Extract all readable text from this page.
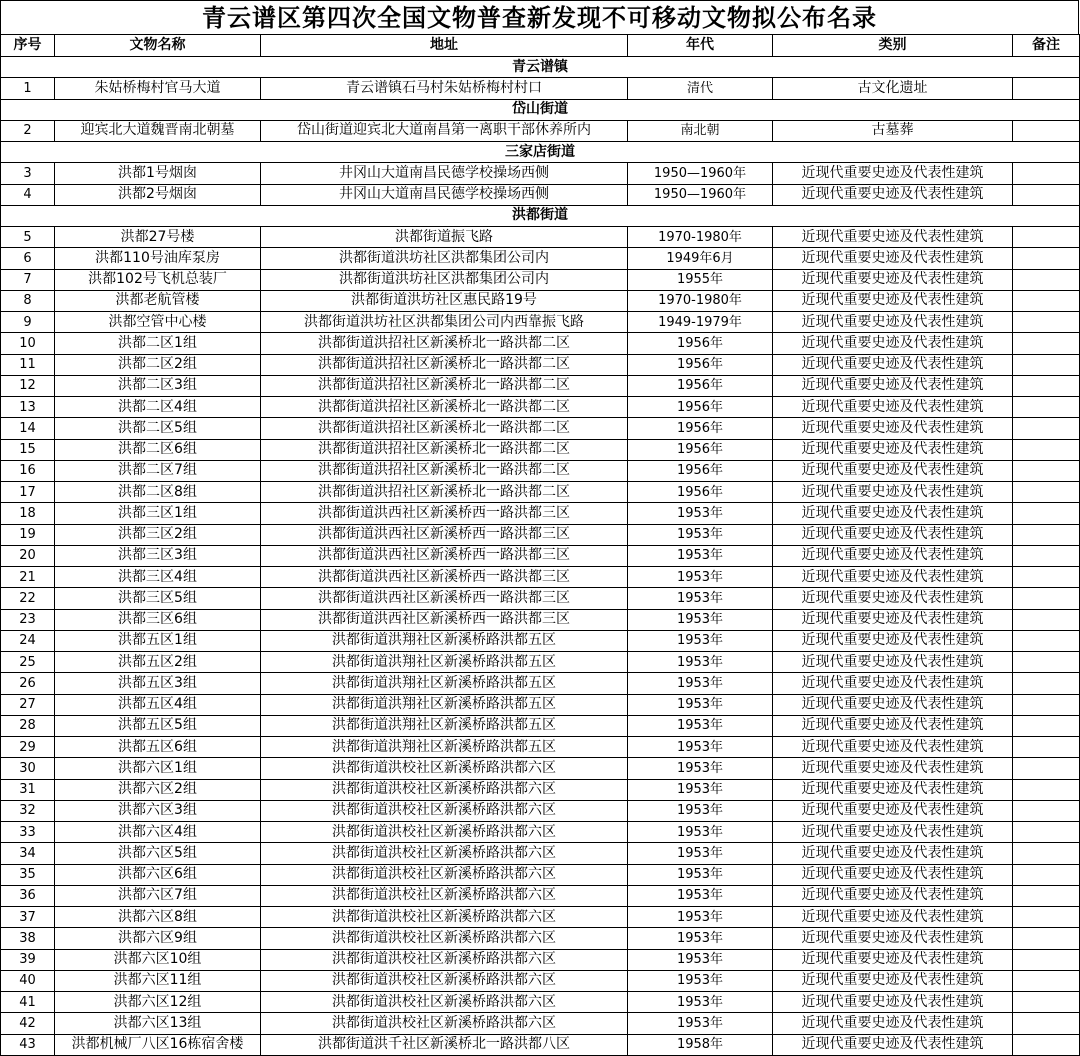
青云谱区第四次全国文物普查新发现不可移动文物拟公布名录
序号	文物名称	地址	年代	类别	备注
青云谱镇					
1	朱姑桥梅村官马大道	青云谱镇石马村朱姑桥梅村村口	清代	古文化遗址	
岱山街道					
2	迎宾北大道魏晋南北朝墓	岱山街道迎宾北大道南昌第一离职干部休养所内	南北朝	古墓葬	
三家店街道					
3	洪都1号烟囱	井冈山大道南昌民德学校操场西侧	1950—1960年	近现代重要史迹及代表性建筑	
4	洪都2号烟囱	井冈山大道南昌民德学校操场西侧	1950—1960年	近现代重要史迹及代表性建筑	
洪都街道					
5	洪都27号楼	洪都街道振飞路	1970-1980年	近现代重要史迹及代表性建筑	
6	洪都110号油库泵房	洪都街道洪坊社区洪都集团公司内	1949年6月	近现代重要史迹及代表性建筑	
7	洪都102号飞机总装厂	洪都街道洪坊社区洪都集团公司内	1955年	近现代重要史迹及代表性建筑	
8	洪都老航管楼	洪都街道洪坊社区惠民路19号	1970-1980年	近现代重要史迹及代表性建筑	
9	洪都空管中心楼	洪都街道洪坊社区洪都集团公司内西靠振飞路	1949-1979年	近现代重要史迹及代表性建筑	
10	洪都二区1组	洪都街道洪招社区新溪桥北一路洪都二区	1956年	近现代重要史迹及代表性建筑	
11	洪都二区2组	洪都街道洪招社区新溪桥北一路洪都二区	1956年	近现代重要史迹及代表性建筑	
12	洪都二区3组	洪都街道洪招社区新溪桥北一路洪都二区	1956年	近现代重要史迹及代表性建筑	
13	洪都二区4组	洪都街道洪招社区新溪桥北一路洪都二区	1956年	近现代重要史迹及代表性建筑	
14	洪都二区5组	洪都街道洪招社区新溪桥北一路洪都二区	1956年	近现代重要史迹及代表性建筑	
15	洪都二区6组	洪都街道洪招社区新溪桥北一路洪都二区	1956年	近现代重要史迹及代表性建筑	
16	洪都二区7组	洪都街道洪招社区新溪桥北一路洪都二区	1956年	近现代重要史迹及代表性建筑	
17	洪都二区8组	洪都街道洪招社区新溪桥北一路洪都二区	1956年	近现代重要史迹及代表性建筑	
18	洪都三区1组	洪都街道洪西社区新溪桥西一路洪都三区	1953年	近现代重要史迹及代表性建筑	
19	洪都三区2组	洪都街道洪西社区新溪桥西一路洪都三区	1953年	近现代重要史迹及代表性建筑	
20	洪都三区3组	洪都街道洪西社区新溪桥西一路洪都三区	1953年	近现代重要史迹及代表性建筑	
21	洪都三区4组	洪都街道洪西社区新溪桥西一路洪都三区	1953年	近现代重要史迹及代表性建筑	
22	洪都三区5组	洪都街道洪西社区新溪桥西一路洪都三区	1953年	近现代重要史迹及代表性建筑	
23	洪都三区6组	洪都街道洪西社区新溪桥西一路洪都三区	1953年	近现代重要史迹及代表性建筑	
24	洪都五区1组	洪都街道洪翔社区新溪桥路洪都五区	1953年	近现代重要史迹及代表性建筑	
25	洪都五区2组	洪都街道洪翔社区新溪桥路洪都五区	1953年	近现代重要史迹及代表性建筑	
26	洪都五区3组	洪都街道洪翔社区新溪桥路洪都五区	1953年	近现代重要史迹及代表性建筑	
27	洪都五区4组	洪都街道洪翔社区新溪桥路洪都五区	1953年	近现代重要史迹及代表性建筑	
28	洪都五区5组	洪都街道洪翔社区新溪桥路洪都五区	1953年	近现代重要史迹及代表性建筑	
29	洪都五区6组	洪都街道洪翔社区新溪桥路洪都五区	1953年	近现代重要史迹及代表性建筑	
30	洪都六区1组	洪都街道洪校社区新溪桥路洪都六区	1953年	近现代重要史迹及代表性建筑	
31	洪都六区2组	洪都街道洪校社区新溪桥路洪都六区	1953年	近现代重要史迹及代表性建筑	
32	洪都六区3组	洪都街道洪校社区新溪桥路洪都六区	1953年	近现代重要史迹及代表性建筑	
33	洪都六区4组	洪都街道洪校社区新溪桥路洪都六区	1953年	近现代重要史迹及代表性建筑	
34	洪都六区5组	洪都街道洪校社区新溪桥路洪都六区	1953年	近现代重要史迹及代表性建筑	
35	洪都六区6组	洪都街道洪校社区新溪桥路洪都六区	1953年	近现代重要史迹及代表性建筑	
36	洪都六区7组	洪都街道洪校社区新溪桥路洪都六区	1953年	近现代重要史迹及代表性建筑	
37	洪都六区8组	洪都街道洪校社区新溪桥路洪都六区	1953年	近现代重要史迹及代表性建筑	
38	洪都六区9组	洪都街道洪校社区新溪桥路洪都六区	1953年	近现代重要史迹及代表性建筑	
39	洪都六区10组	洪都街道洪校社区新溪桥路洪都六区	1953年	近现代重要史迹及代表性建筑	
40	洪都六区11组	洪都街道洪校社区新溪桥路洪都六区	1953年	近现代重要史迹及代表性建筑	
41	洪都六区12组	洪都街道洪校社区新溪桥路洪都六区	1953年	近现代重要史迹及代表性建筑	
42	洪都六区13组	洪都街道洪校社区新溪桥路洪都六区	1953年	近现代重要史迹及代表性建筑	
43	洪都机械厂八区16栋宿舍楼	洪都街道洪千社区新溪桥北一路洪都八区	1958年	近现代重要史迹及代表性建筑	
